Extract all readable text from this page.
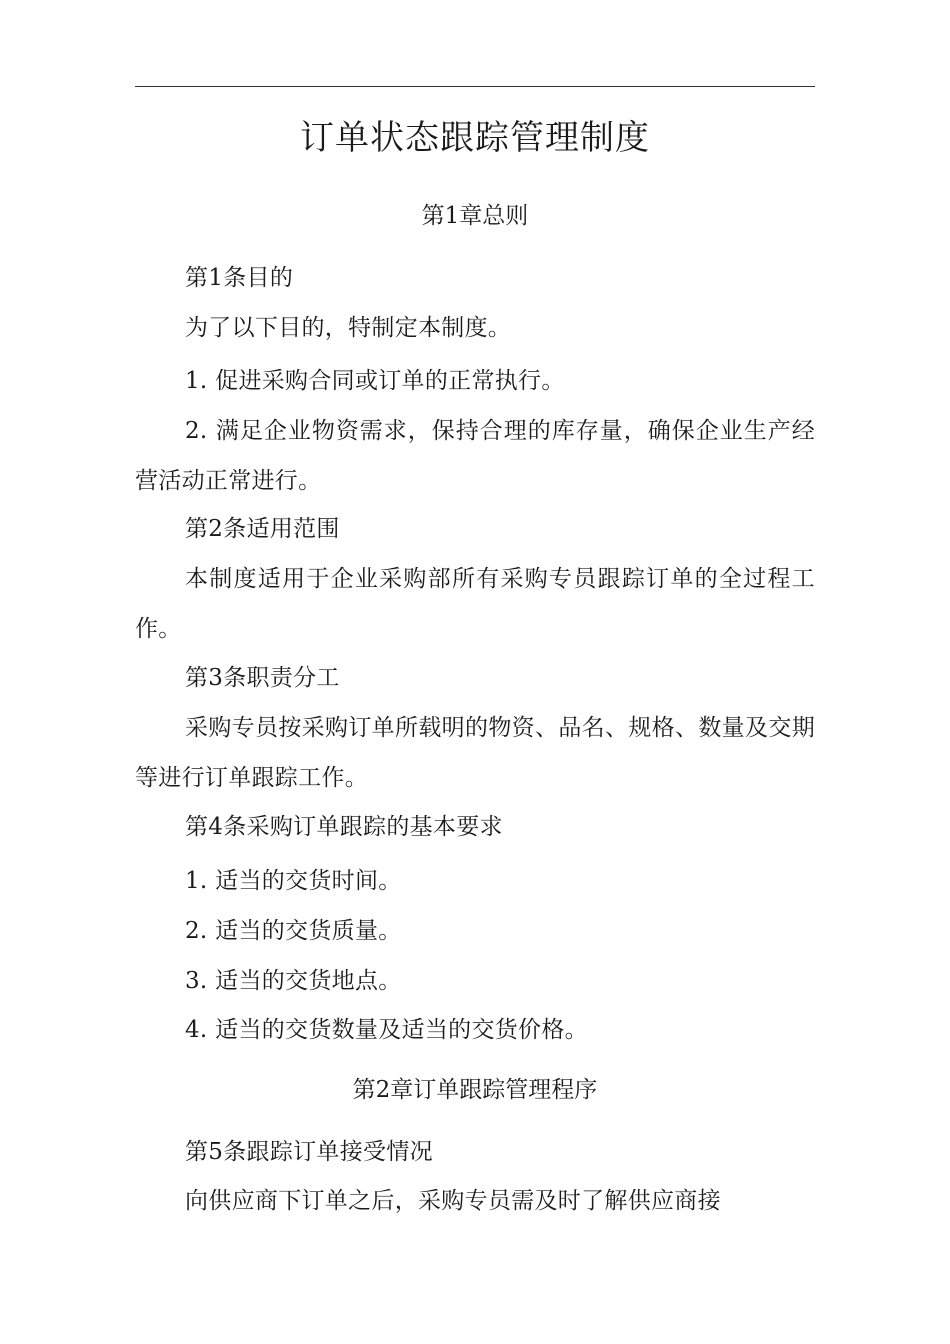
订单状态跟踪管理制度
第1章总则
第1条目的
为了以下目的，特制定本制度。
1. 促进采购合同或订单的正常执行。
2. 满足企业物资需求，保持合理的库存量，确保企业生产经营活动正常进行。
第2条适用范围
本制度适用于企业采购部所有采购专员跟踪订单的全过程工作。
第3条职责分工
采购专员按采购订单所载明的物资、品名、规格、数量及交期等进行订单跟踪工作。
第4条采购订单跟踪的基本要求
1. 适当的交货时间。
2. 适当的交货质量。
3. 适当的交货地点。
4. 适当的交货数量及适当的交货价格。
第2章订单跟踪管理程序
第5条跟踪订单接受情况
向供应商下订单之后，采购专员需及时了解供应商接
